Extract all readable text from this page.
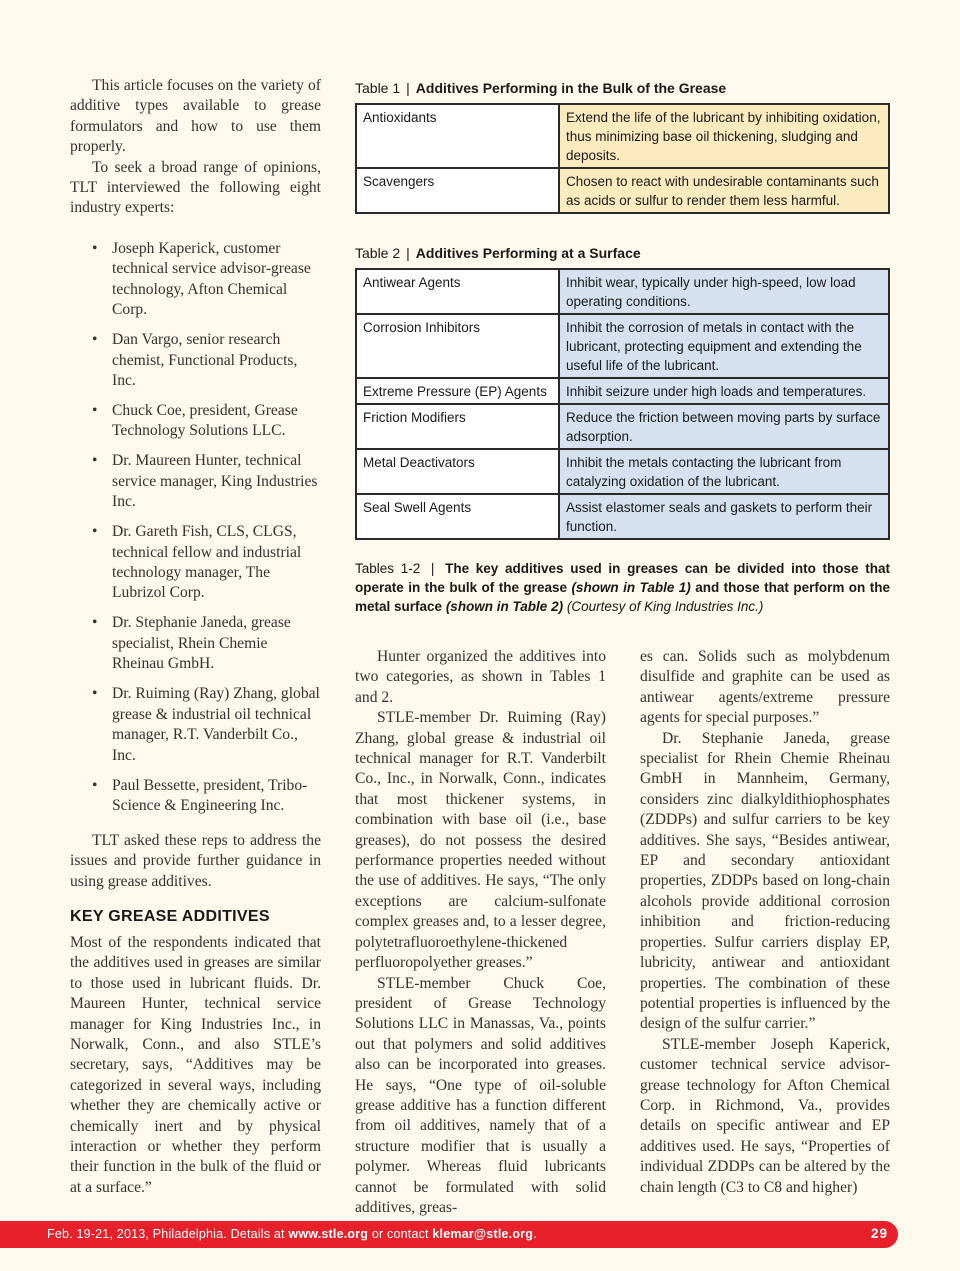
This article focuses on the variety of additive types available to grease formulators and how to use them properly.

To seek a broad range of opinions, TLT interviewed the following eight industry experts:

• Joseph Kaperick, customer technical service advisor-grease technology, Afton Chemical Corp.
• Dan Vargo, senior research chemist, Functional Products, Inc.
• Chuck Coe, president, Grease Technology Solutions LLC.
• Dr. Maureen Hunter, technical service manager, King Industries Inc.
• Dr. Gareth Fish, CLS, CLGS, technical fellow and industrial technology manager, The Lubrizol Corp.
• Dr. Stephanie Janeda, grease specialist, Rhein Chemie Rheinau GmbH.
• Dr. Ruiming (Ray) Zhang, global grease & industrial oil technical manager, R.T. Vanderbilt Co., Inc.
• Paul Bessette, president, Tribo-Science & Engineering Inc.

TLT asked these reps to address the issues and provide further guidance in using grease additives.

KEY GREASE ADDITIVES

Most of the respondents indicated that the additives used in greases are similar to those used in lubricant fluids. Dr. Maureen Hunter, technical service manager for King Industries Inc., in Norwalk, Conn., and also STLE’s secretary, says, “Additives may be categorized in several ways, including whether they are chemically active or chemically inert and by physical interaction or whether they perform their function in the bulk of the fluid or at a surface.”

Table 1 | Additives Performing in the Bulk of the Grease
Antioxidants	Extend the life of the lubricant by inhibiting oxidation, thus minimizing base oil thickening, sludging and deposits.
Scavengers	Chosen to react with undesirable contaminants such as acids or sulfur to render them less harmful.
Table 2 | Additives Performing at a Surface
Antiwear Agents	Inhibit wear, typically under high-speed, low load operating conditions.
Corrosion Inhibitors	Inhibit the corrosion of metals in contact with the lubricant, protecting equipment and extending the useful life of the lubricant.
Extreme Pressure (EP) Agents	Inhibit seizure under high loads and temperatures.
Friction Modifiers	Reduce the friction between moving parts by surface adsorption.
Metal Deactivators	Inhibit the metals contacting the lubricant from catalyzing oxidation of the lubricant.
Seal Swell Agents	Assist elastomer seals and gaskets to perform their function.

Tables 1-2 | The key additives used in greases can be divided into those that operate in the bulk of the grease (shown in Table 1) and those that perform on the metal surface (shown in Table 2) (Courtesy of King Industries Inc.)

Hunter organized the additives into two categories, as shown in Tables 1 and 2.

STLE-member Dr. Ruiming (Ray) Zhang, global grease & industrial oil technical manager for R.T. Vanderbilt Co., Inc., in Norwalk, Conn., indicates that most thickener systems, in combination with base oil (i.e., base greases), do not possess the desired performance properties needed without the use of additives. He says, “The only exceptions are calcium-sulfonate complex greases and, to a lesser degree, polytetrafluoroethylene-thickened perfluoropolyether greases.”

STLE-member Chuck Coe, president of Grease Technology Solutions LLC in Manassas, Va., points out that polymers and solid additives also can be incorporated into greases. He says, “One type of oil-soluble grease additive has a function different from oil additives, namely that of a structure modifier that is usually a polymer. Whereas fluid lubricants cannot be formulated with solid additives, greas-

es can. Solids such as molybdenum disulfide and graphite can be used as antiwear agents/extreme pressure agents for special purposes.”

Dr. Stephanie Janeda, grease specialist for Rhein Chemie Rheinau GmbH in Mannheim, Germany, considers zinc dialkyldithiophosphates (ZDDPs) and sulfur carriers to be key additives. She says, “Besides antiwear, EP and secondary antioxidant properties, ZDDPs based on long-chain alcohols provide additional corrosion inhibition and friction-reducing properties. Sulfur carriers display EP, lubricity, antiwear and antioxidant properties. The combination of these potential properties is influenced by the design of the sulfur carrier.”

STLE-member Joseph Kaperick, customer technical service advisor-grease technology for Afton Chemical Corp. in Richmond, Va., provides details on specific antiwear and EP additives used. He says, “Properties of individual ZDDPs can be altered by the chain length (C3 to C8 and higher)

Feb. 19-21, 2013, Philadelphia. Details at www.stle.org or contact klemar@stle.org.	29
